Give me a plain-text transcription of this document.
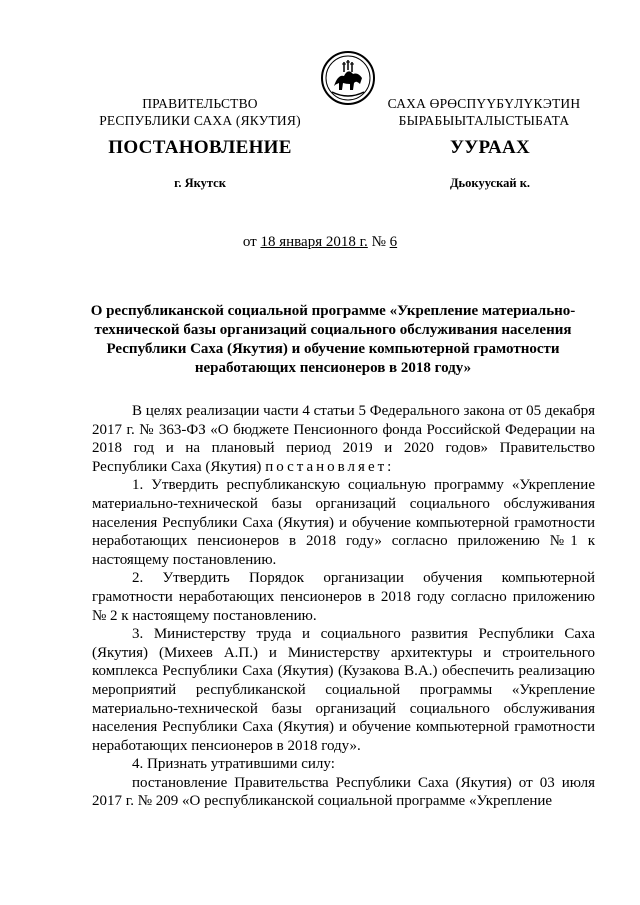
ПРАВИТЕЛЬСТВО
РЕСПУБЛИКИ САХА (ЯКУТИЯ)
САХА ӨРӨСПҮҮБҮЛҮКЭТИН
БЫРАБЫЫТАЛЫСТЫБАТА
ПОСТАНОВЛЕНИЕ	УУРААХ
г. Якутск	Дьокуускай к.
от 18 января 2018 г. № 6
О республиканской социальной программе «Укрепление материально-технической базы организаций социального обслуживания населения Республики Саха (Якутия) и обучение компьютерной грамотности неработающих пенсионеров в 2018 году»

В целях реализации части 4 статьи 5 Федерального закона от 05 декабря 2017 г. № 363-ФЗ «О бюджете Пенсионного фонда Российской Федерации на 2018 год и на плановый период 2019 и 2020 годов» Правительство Республики Саха (Якутия) постановляет:

1. Утвердить республиканскую социальную программу «Укрепление материально-технической базы организаций социального обслуживания населения Республики Саха (Якутия) и обучение компьютерной грамотности неработающих пенсионеров в 2018 году» согласно приложению №1 к настоящему постановлению.

2. Утвердить Порядок организации обучения компьютерной грамотности неработающих пенсионеров в 2018 году согласно приложению № 2 к настоящему постановлению.

3. Министерству труда и социального развития Республики Саха (Якутия) (Михеев А.П.) и Министерству архитектуры и строительного комплекса Республики Саха (Якутия) (Кузакова В.А.) обеспечить реализацию мероприятий республиканской социальной программы «Укрепление материально-технической базы организаций социального обслуживания населения Республики Саха (Якутия) и обучение компьютерной грамотности неработающих пенсионеров в 2018 году».

4. Признать утратившими силу:

постановление Правительства Республики Саха (Якутия) от 03 июля 2017 г. № 209 «О республиканской социальной программе «Укрепление
